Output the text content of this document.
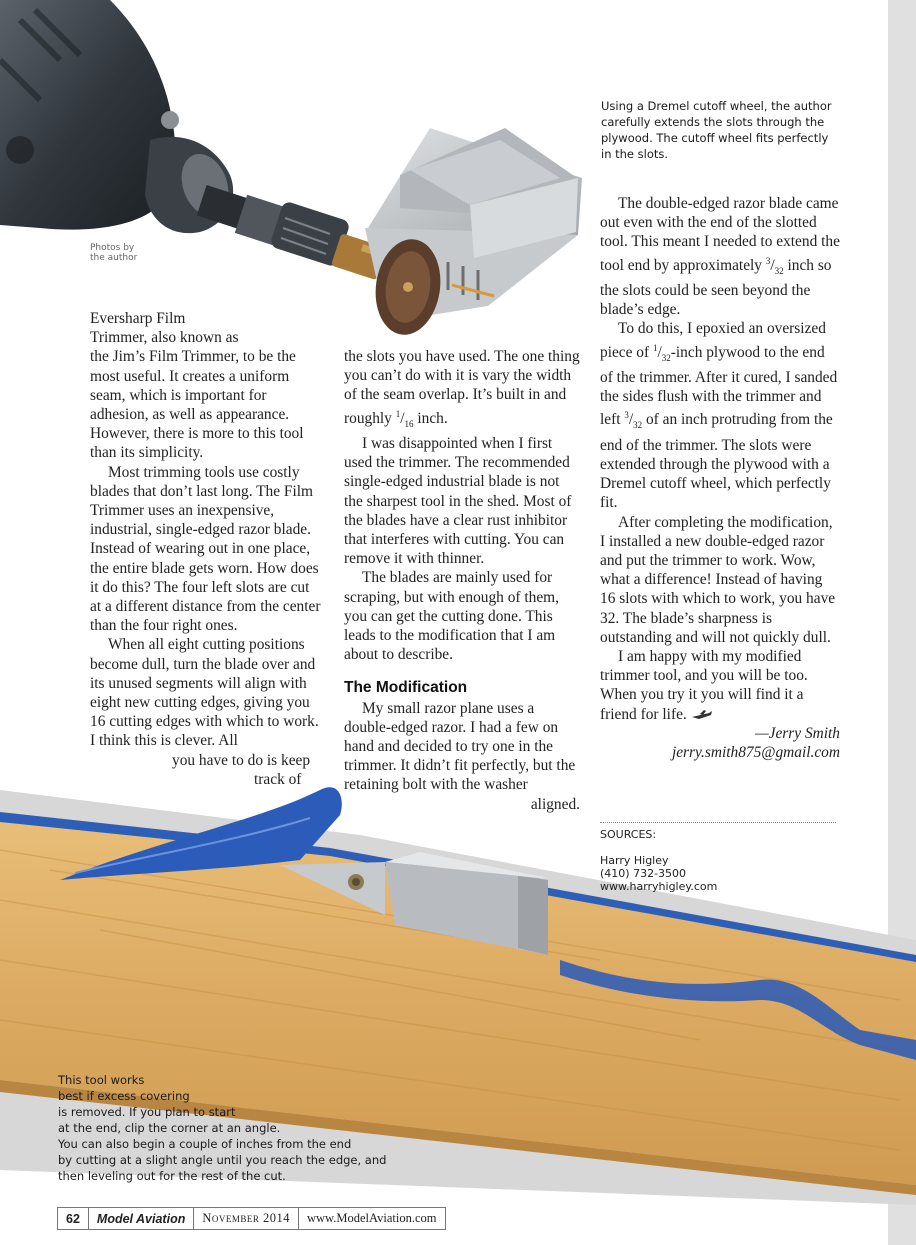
Using a Dremel cutoff wheel, the author
carefully extends the slots through the
plywood. The cutoff wheel fits perfectly
in the slots.
Photos by
the author

Eversharp Film

Trimmer, also known as

the Jim’s Film Trimmer, to be the most useful. It creates a uniform seam, which is important for adhesion, as well as appearance. However, there is more to this tool than its simplicity.

Most trimming tools use costly blades that don’t last long. The Film Trimmer uses an inexpensive, industrial, single-edged razor blade. Instead of wearing out in one place, the entire blade gets worn. How does it do this? The four left slots are cut at a different distance from the center than the four right ones.

When all eight cutting positions become dull, turn the blade over and its unused segments will align with eight new cutting edges, giving you 16 cutting edges with which to work. I think this is clever. All

you have to do is keep

track of

the slots you have used. The one thing you can’t do with it is vary the width of the seam overlap. It’s built in and roughly $^1/_{16}$ inch.

I was disappointed when I first used the trimmer. The recommended single-edged industrial blade is not the sharpest tool in the shed. Most of the blades have a clear rust inhibitor that interferes with cutting. You can remove it with thinner.

The blades are mainly used for scraping, but with enough of them, you can get the cutting done. This leads to the modification that I am about to describe.

The Modification

My small razor plane uses a double-edged razor. I had a few on hand and decided to try one in the trimmer. It didn’t fit perfectly, but the retaining bolt with the washer

aligned.

The double-edged razor blade came out even with the end of the slotted tool. This meant I needed to extend the tool end by approximately $^3/_{32}$ inch so the slots could be seen beyond the blade’s edge.

To do this, I epoxied an oversized piece of $^1/_{32}$-inch plywood to the end of the trimmer. After it cured, I sanded the sides flush with the trimmer and left $^3/_{32}$ of an inch protruding from the end of the trimmer. The slots were extended through the plywood with a Dremel cutoff wheel, which perfectly fit.

After completing the modification, I installed a new double-edged razor and put the trimmer to work. Wow, what a difference! Instead of having 16 slots with which to work, you have 32. The blade’s sharpness is outstanding and will not quickly dull.

I am happy with my modified trimmer tool, and you will be too. When you try it you will find it a friend for life.

—Jerry Smith

jerry.smith875@gmail.com

SOURCES:
Harry Higley
(410) 732-3500
www.harryhigley.com
This tool works
best if excess covering
is removed. If you plan to start
at the end, clip the corner at an angle.
You can also begin a couple of inches from the end
by cutting at a slight angle until you reach the edge, and
then leveling out for the rest of the cut.
62	Model Aviation	November 2014	www.ModelAviation.com
